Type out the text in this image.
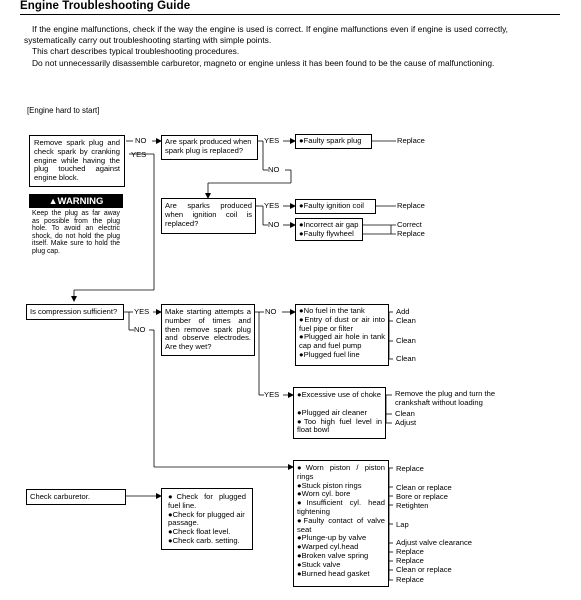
Engine Troubleshooting Guide

If the engine malfunctions, check if the way the engine is used is correct. If engine malfunctions even if engine is used correctly, systematically carry out troubleshooting starting with simple points.

This chart describes typical troubleshooting procedures.

Do not unnecessarily disassemble carburetor, magneto or engine unless it has been found to be the cause of malfunctioning.

[Engine hard to start]
Remove spark plug and check spark by cranking engine while having the plug touched against engine block.
▲WARNING
Keep the plug as far away as possible from the plug hole. To avoid an electric shock, do not hold the plug itself. Make sure to hold the plug cap.
Is compression sufficient?
Check carburetor.
Are spark produced when spark plug is replaced?
Are sparks produced when ignition coil is replaced?
Make starting attempts a number of times and then remove spark plug and observe electrodes. Are they wet?
●Check for plugged fuel line.
●Check for plugged air passage.
●Check float level.
●Check carb. setting.
NO
YES
YES
NO
YES
NO
YES
NO
NO
YES
●Faulty spark plug	Replace
●Faulty ignition coil	Replace
●Incorrect air gap
●Faulty flywheel
Correct
Replace
●No fuel in the tank
●Entry of dust or air into fuel pipe or filter
●Plugged air hole in tank cap and fuel pump
●Plugged fuel line
Add
Clean
Clean
Clean
●Excessive use of choke
●Plugged air cleaner
●Too high fuel level in float bowl
Remove the plug and turn the crankshaft without loading
Clean
Adjust
●Worn piston / piston rings
●Stuck piston rings
●Worn cyl. bore
●Insufficient cyl. head tightening
●Faulty contact of valve seat
●Plunge-up by valve
●Warped cyl.head
●Broken valve spring
●Stuck valve
●Burned head gasket
Replace
Clean or replace
Bore or replace
Retighten
Lap
Adjust valve clearance
Replace
Replace
Clean or replace
Replace
